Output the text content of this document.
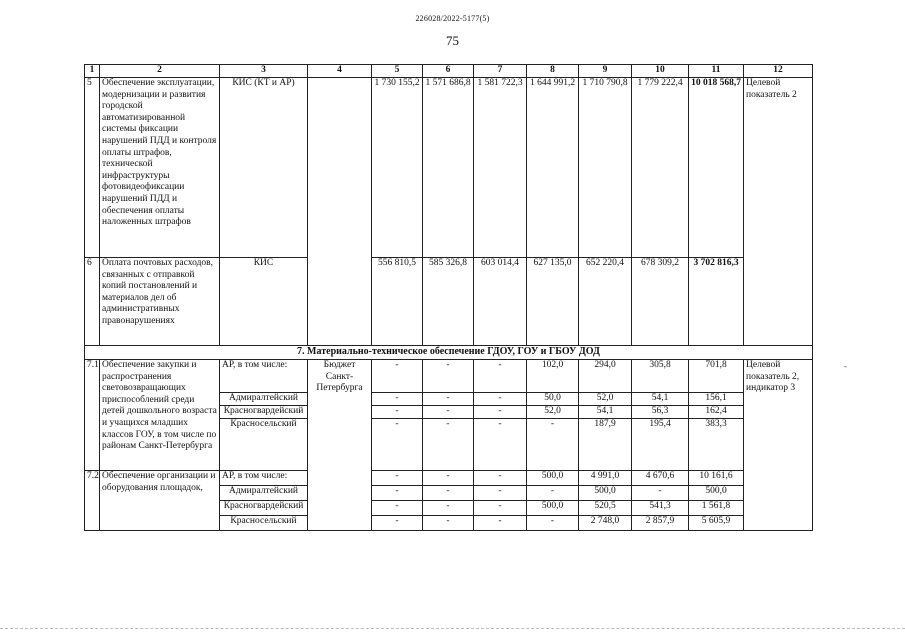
226028/2022-5177(5)
75
-
1	2	3	4	5	6	7	8	9	10	11	12
5	Обеспечение эксплуатации, модернизации и развития городской автоматизированной системы фиксации нарушений ПДД и контроля оплаты штрафов, технической инфраструктуры фотовидеофиксации нарушений ПДД и обеспечения оплаты наложенных штрафов	КИС (КТ и АР)		1 730 155,2	1 571 686,8	1 581 722,3	1 644 991,2	1 710 790,8	1 779 222,4	10 018 568,7	Целевой показатель 2
6	Оплата почтовых расходов, связанных с отправкой копий постановлений и материалов дел об административных правонарушениях	КИС		556 810,5	585 326,8	603 014,4	627 135,0	652 220,4	678 309,2	3 702 816,3	
7. Материально-техническое обеспечение ГДОУ, ГОУ и ГБОУ ДОД											
7.1	Обеспечение закупки и распространения световозвращающих приспособлений среди детей дошкольного возраста и учащихся младших классов ГОУ, в том числе по районам Санкт-Петербурга	АР, в том числе:	Бюджет Санкт-Петербурга	-	-	-	102,0	294,0	305,8	701,8	Целевой показатель 2, индикатор 3
		Адмиралтейский		-	-	-	50,0	52,0	54,1	156,1	
		Красногвардейский		-	-	-	52,0	54,1	56,3	162,4	
		Красносельский		-	-	-	-	187,9	195,4	383,3	
7.2	Обеспечение организации и оборудования площадок,	АР, в том числе:		-	-	-	500,0	4 991,0	4 670,6	10 161,6	
		Адмиралтейский		-	-	-	-	500,0	-	500,0	
		Красногвардейский		-	-	-	500,0	520,5	541,3	1 561,8	
		Красносельский		-	-	-	-	2 748,0	2 857,9	5 605,9	
